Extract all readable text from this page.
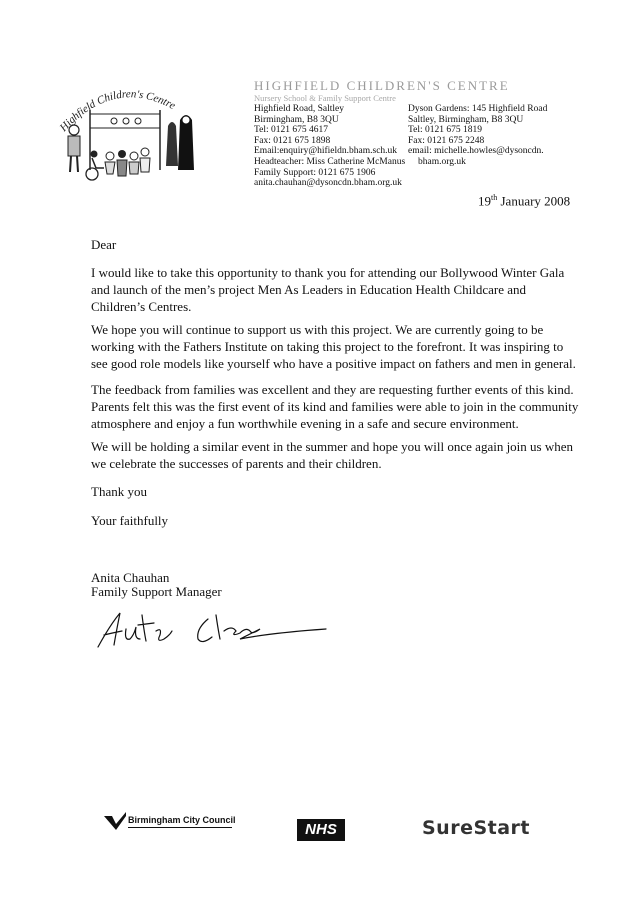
Highfield Children's Centre
HIGHFIELD CHILDREN'S CENTRE
Nursery School & Family Support Centre
Highfield Road, Saltley
Birmingham, B8 3QU
Tel: 0121 675 4617
Fax: 0121 675 1898
Email:enquiry@hifieldn.bham.sch.uk
Headteacher: Miss Catherine McManus
Family Support: 0121 675 1906
anita.chauhan@dysoncdn.bham.org.uk
Dyson Gardens: 145 Highfield Road
Saltley, Birmingham, B8 3QU
Tel: 0121 675 1819
Fax: 0121 675 2248
email: michelle.howles@dysoncdn.
bham.org.uk
19th January 2008
Dear
I would like to take this opportunity to thank you for attending our Bollywood Winter Gala and launch of the men’s project Men As Leaders in Education Health Childcare and Children’s Centres.
We hope you will continue to support us with this project. We are currently going to be working with the Fathers Institute on taking this project to the forefront. It was inspiring to see good role models like yourself who have a positive impact on fathers and men in general.
The feedback from families was excellent and they are requesting further events of this kind. Parents felt this was the first event of its kind and families were able to join in the community atmosphere and enjoy a fun worthwhile evening in a safe and secure environment.
We will be holding a similar event in the summer and hope you will once again join us when we celebrate the successes of parents and their children.
Thank you
Your faithfully
Anita Chauhan
Family Support Manager
Birmingham City Council
NHS	SureStart
